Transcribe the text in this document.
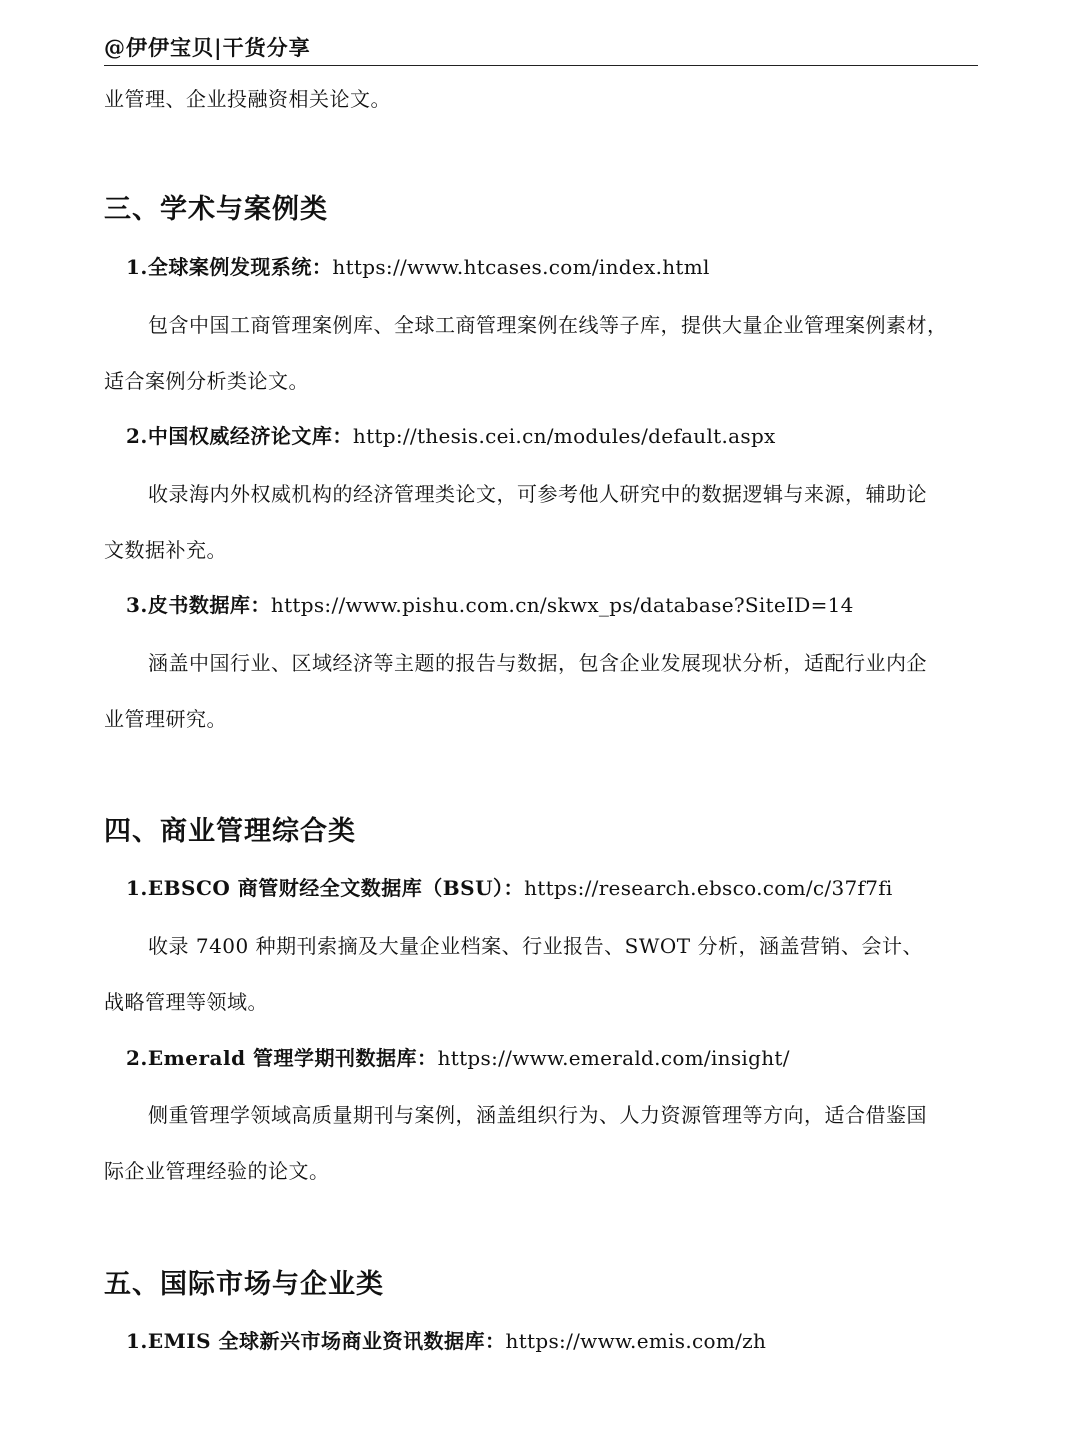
@伊伊宝贝|干货分享
业管理、企业投融资相关论文。
三、学术与案例类
1.全球案例发现系统：https://www.htcases.com/index.html
包含中国工商管理案例库、全球工商管理案例在线等子库，提供大量企业管理案例素材，
适合案例分析类论文。
2.中国权威经济论文库：http://thesis.cei.cn/modules/default.aspx
收录海内外权威机构的经济管理类论文，可参考他人研究中的数据逻辑与来源，辅助论
文数据补充。
3.皮书数据库：https://www.pishu.com.cn/skwx_ps/database?SiteID=14
涵盖中国行业、区域经济等主题的报告与数据，包含企业发展现状分析，适配行业内企
业管理研究。
四、商业管理综合类
1.EBSCO 商管财经全文数据库（BSU）：https://research.ebsco.com/c/37f7fi
收录 7400 种期刊索摘及大量企业档案、行业报告、SWOT 分析，涵盖营销、会计、
战略管理等领域。
2.Emerald 管理学期刊数据库：https://www.emerald.com/insight/
侧重管理学领域高质量期刊与案例，涵盖组织行为、人力资源管理等方向，适合借鉴国
际企业管理经验的论文。
五、国际市场与企业类
1.EMIS 全球新兴市场商业资讯数据库：https://www.emis.com/zh
